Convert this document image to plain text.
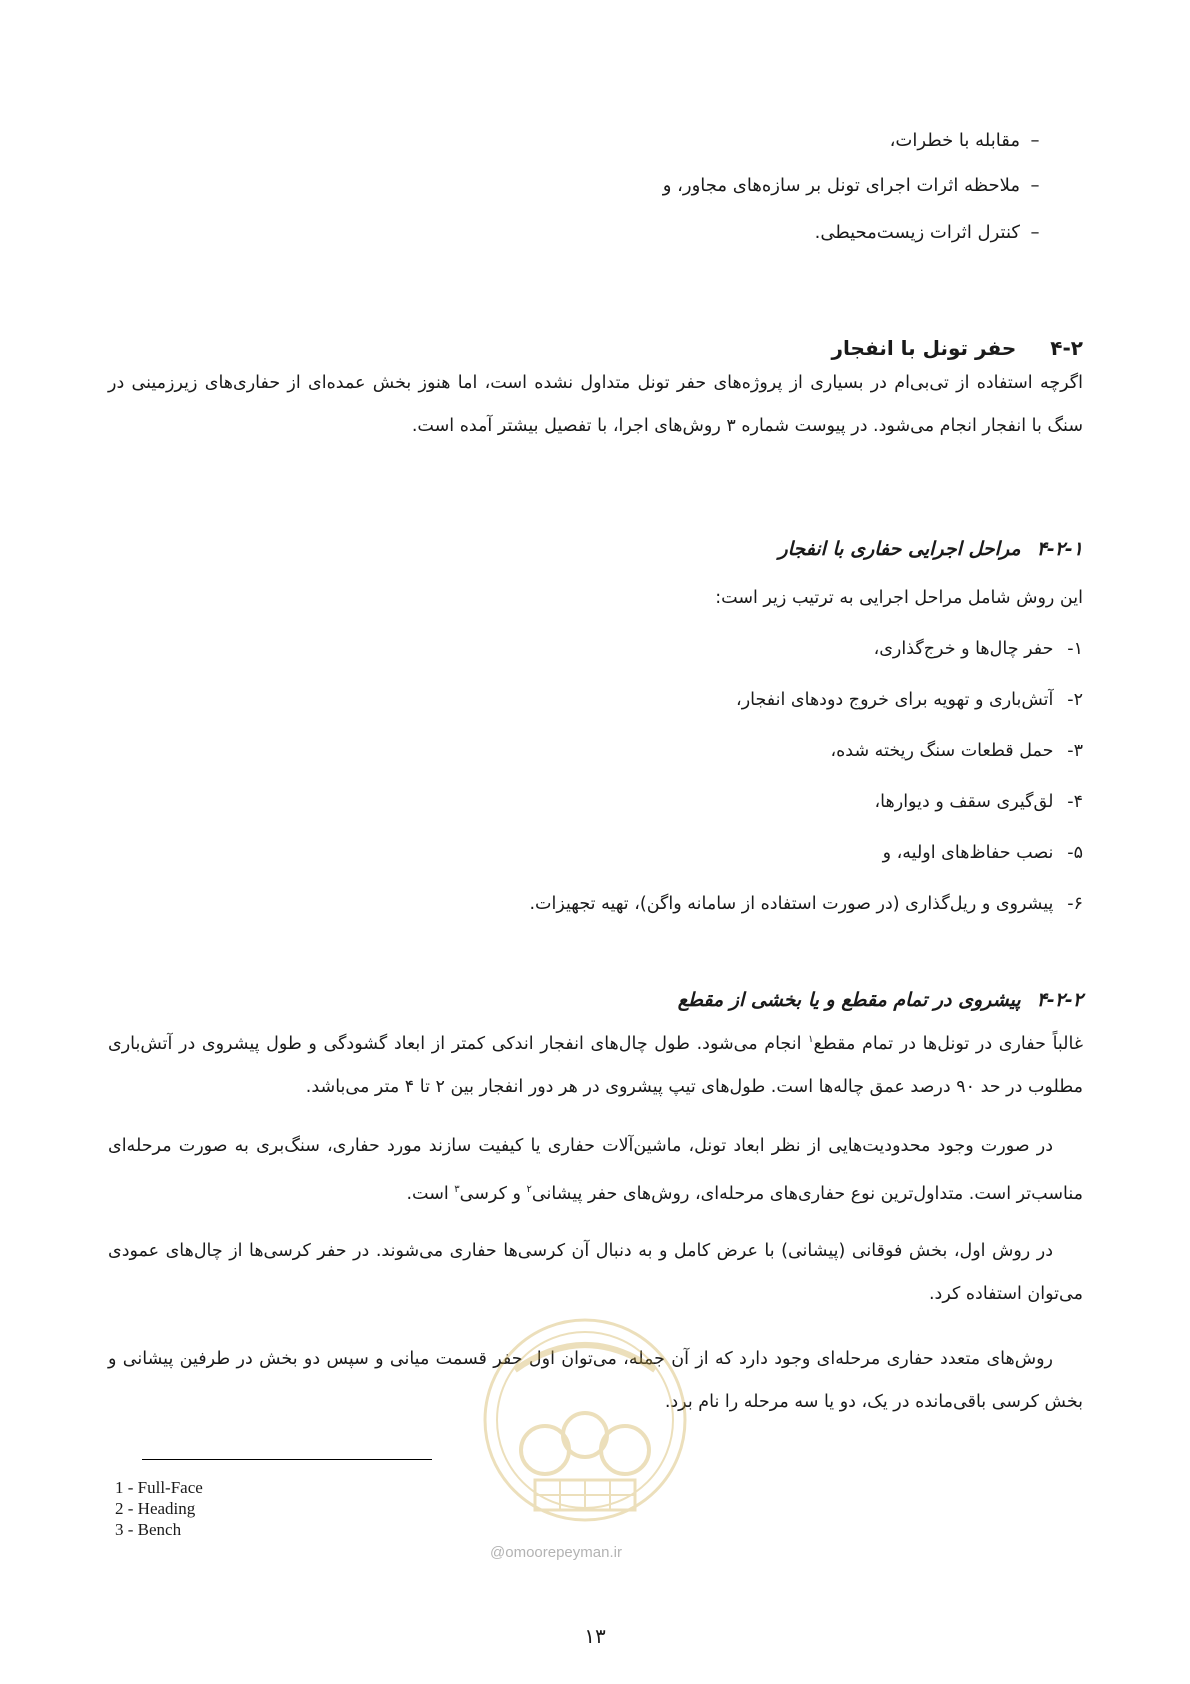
–مقابله با خطرات،
–ملاحظه اثرات اجرای تونل بر سازه‌های مجاور، و
–کنترل اثرات زیست‌محیطی.
۴-۲حفر تونل با انفجار
اگرچه استفاده از تی‌بی‌ام در بسیاری از پروژه‌های حفر تونل متداول نشده است، اما هنوز بخش عمده‌ای از حفاری‌های زیرزمینی در سنگ با انفجار انجام می‌شود. در پیوست شماره ۳ روش‌های اجرا، با تفصیل بیشتر آمده است.
۴-۲-۱مراحل اجرایی حفاری با انفجار
این روش شامل مراحل اجرایی به ترتیب زیر است:
۱- حفر چال‌ها و خرج‌گذاری،
۲- آتش‌باری و تهویه برای خروج دودهای انفجار،
۳- حمل قطعات سنگ ریخته شده،
۴- لق‌گیری سقف و دیوارها،
۵- نصب حفاظ‌های اولیه، و
۶- پیشروی و ریل‌گذاری (در صورت استفاده از سامانه واگن)، تهیه تجهیزات.
۴-۲-۲پیشروی در تمام مقطع و یا بخشی از مقطع
غالباً حفاری در تونل‌ها در تمام مقطع$^۱$ انجام می‌شود. طول چال‌های انفجار اندکی کمتر از ابعاد گشودگی و طول پیشروی در آتش‌باری مطلوب در حد ۹۰ درصد عمق چاله‌ها است. طول‌های تیپ پیشروی در هر دور انفجار بین ۲ تا ۴ متر می‌باشد.
در صورت وجود محدودیت‌هایی از نظر ابعاد تونل، ماشین‌آلات حفاری یا کیفیت سازند مورد حفاری، سنگ‌بری به صورت مرحله‌ای مناسب‌تر است. متداول‌ترین نوع حفاری‌های مرحله‌ای، روش‌های حفر پیشانی$^۲$ و کرسی$^۳$ است.
در روش اول، بخش فوقانی (پیشانی) با عرض کامل و به دنبال آن کرسی‌ها حفاری می‌شوند. در حفر کرسی‌ها از چال‌های عمودی می‌توان استفاده کرد.
روش‌های متعدد حفاری مرحله‌ای وجود دارد که از آن جمله، می‌توان اول حفر قسمت میانی و سپس دو بخش در طرفین پیشانی و بخش کرسی باقی‌مانده در یک، دو یا سه مرحله را نام برد.
@omoorepeyman.ir
1 - Full-Face
2 - Heading
3 - Bench
۱۳
